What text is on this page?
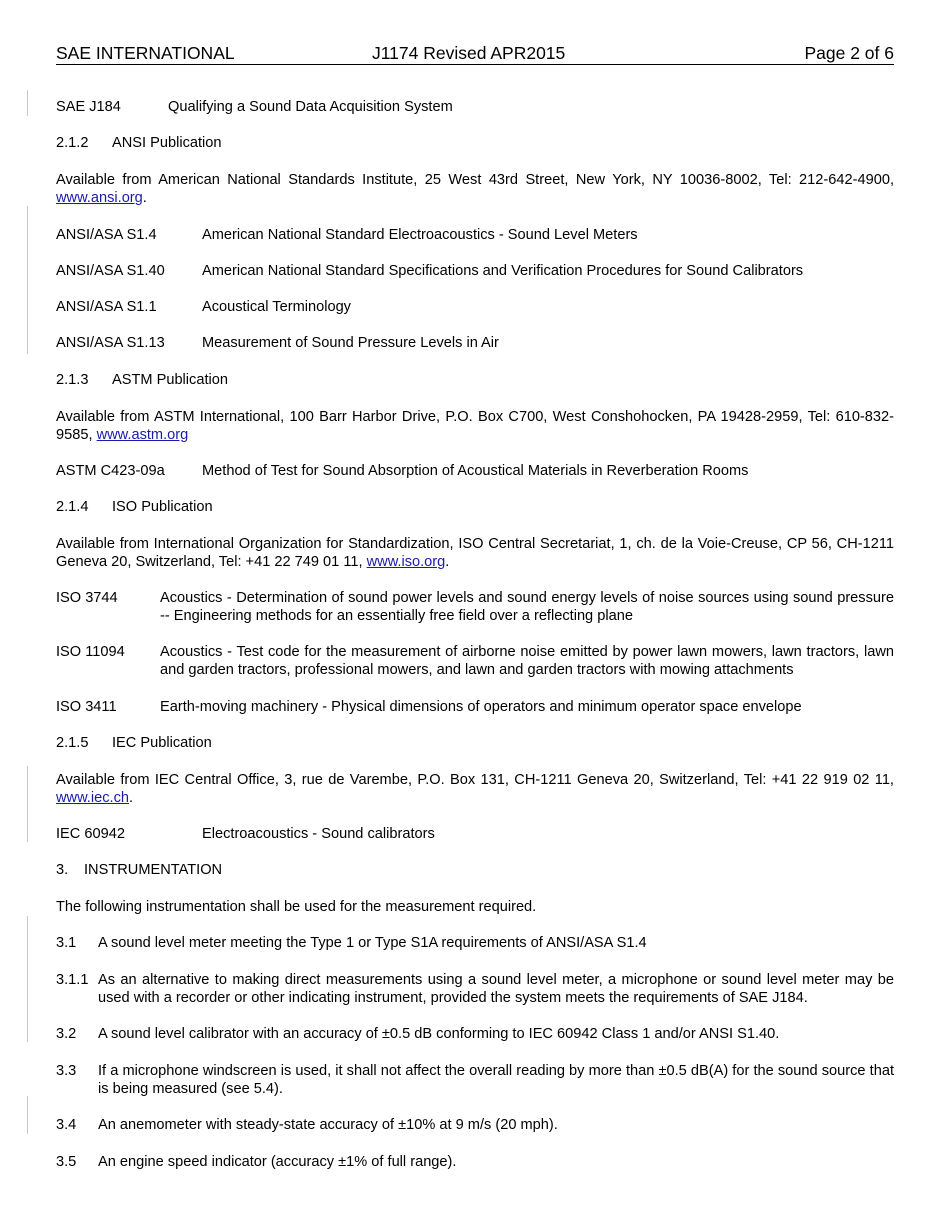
SAE INTERNATIONAL	J1174 Revised APR2015	Page 2 of 6
SAE J184	Qualifying a Sound Data Acquisition System
2.1.2 ANSI Publication
Available from American National Standards Institute, 25 West 43rd Street, New York, NY 10036-8002, Tel: 212-642-4900, www.ansi.org.
ANSI/ASA S1.4	American National Standard Electroacoustics - Sound Level Meters
ANSI/ASA S1.40	American National Standard Specifications and Verification Procedures for Sound Calibrators
ANSI/ASA S1.1	Acoustical Terminology
ANSI/ASA S1.13	Measurement of Sound Pressure Levels in Air
2.1.3 ASTM Publication
Available from ASTM International, 100 Barr Harbor Drive, P.O. Box C700, West Conshohocken, PA 19428-2959, Tel: 610-832-9585, www.astm.org
ASTM C423-09a	Method of Test for Sound Absorption of Acoustical Materials in Reverberation Rooms
2.1.4 ISO Publication
Available from International Organization for Standardization, ISO Central Secretariat, 1, ch. de la Voie-Creuse, CP 56, CH-1211 Geneva 20, Switzerland, Tel: +41 22 749 01 11, www.iso.org.
ISO 3744	Acoustics - Determination of sound power levels and sound energy levels of noise sources using sound pressure -- Engineering methods for an essentially free field over a reflecting plane
ISO 11094 Acoustics - Test code for the measurement of airborne noise emitted by power lawn mowers, lawn tractors, lawn and garden tractors, professional mowers, and lawn and garden tractors with mowing attachments
ISO 3411	Earth-moving machinery - Physical dimensions of operators and minimum operator space envelope
2.1.5 IEC Publication
Available from IEC Central Office, 3, rue de Varembe, P.O. Box 131, CH-1211 Geneva 20, Switzerland, Tel: +41 22 919 02 11, www.iec.ch.
IEC 60942	Electroacoustics - Sound calibrators
3. INSTRUMENTATION
The following instrumentation shall be used for the measurement required.
3.1 A sound level meter meeting the Type 1 or Type S1A requirements of ANSI/ASA S1.4
3.1.1 As an alternative to making direct measurements using a sound level meter, a microphone or sound level meter may be used with a recorder or other indicating instrument, provided the system meets the requirements of SAE J184.
3.2 A sound level calibrator with an accuracy of ±0.5 dB conforming to IEC 60942 Class 1 and/or ANSI S1.40.
3.3 If a microphone windscreen is used, it shall not affect the overall reading by more than ±0.5 dB(A) for the sound source that is being measured (see 5.4).
3.4 An anemometer with steady-state accuracy of ±10% at 9 m/s (20 mph).
3.5 An engine speed indicator (accuracy ±1% of full range).
